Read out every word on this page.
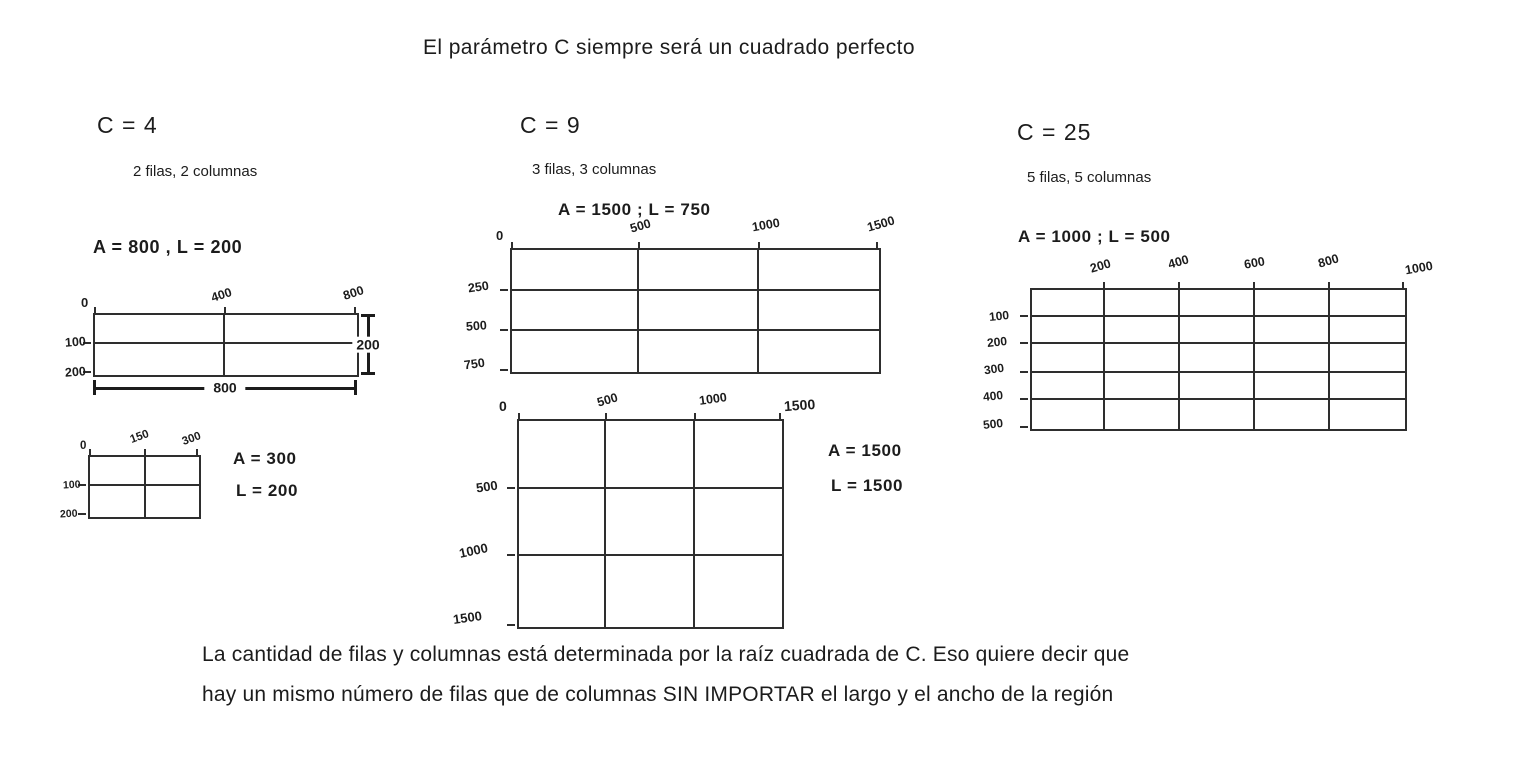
El parámetro C siempre será un cuadrado perfecto
C = 4
2 filas, 2 columnas
A = 800 , L = 200
0	400	800
100
200
800
200
0
150	300
100
200
A = 300
L = 200
C = 9
3 filas, 3 columnas
A = 1500 ; L = 750
0	500	1000	1500
250
500
750
0	500	1000	1500
500
1000
1500
A = 1500
L = 1500
C = 25
5 filas, 5 columnas
A = 1000 ; L = 500
200	400	600	800	1000
100
200
300
400
500
La cantidad de filas y columnas está determinada por la raíz cuadrada de C. Eso quiere decir que
hay un mismo número de filas que de columnas SIN IMPORTAR el largo y el ancho de la región
